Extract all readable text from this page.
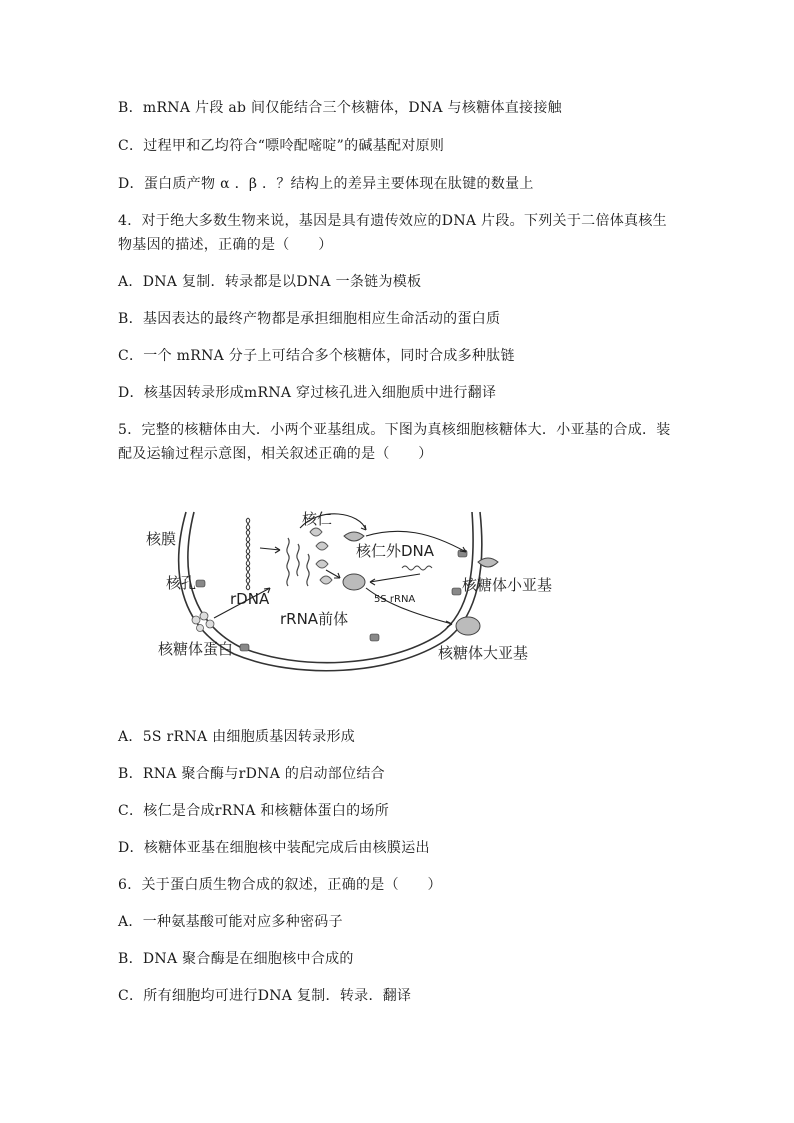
B．mRNA 片段 ab 间仅能结合三个核糖体，DNA 与核糖体直接接触
C．过程甲和乙均符合“嘌呤配嘧啶”的碱基配对原则
D．蛋白质产物 α ．β ．？结构上的差异主要体现在肽键的数量上
4．对于绝大多数生物来说，基因是具有遗传效应的DNA 片段。下列关于二倍体真核生
物基因的描述，正确的是（　　）
A．DNA 复制．转录都是以DNA 一条链为模板
B．基因表达的最终产物都是承担细胞相应生命活动的蛋白质
C．一个 mRNA 分子上可结合多个核糖体，同时合成多种肽链
D．核基因转录形成mRNA 穿过核孔进入细胞质中进行翻译
5．完整的核糖体由大．小两个亚基组成。下图为真核细胞核糖体大．小亚基的合成．装
配及运输过程示意图，相关叙述正确的是（　　）
核膜
核孔
rDNA
核仁
核仁外DNA
5S rRNA
rRNA前体
核糖体小亚基
核糖体大亚基
核糖体蛋白
A．5S rRNA 由细胞质基因转录形成
B．RNA 聚合酶与rDNA 的启动部位结合
C．核仁是合成rRNA 和核糖体蛋白的场所
D．核糖体亚基在细胞核中装配完成后由核膜运出
6．关于蛋白质生物合成的叙述，正确的是（　　）
A．一种氨基酸可能对应多种密码子
B．DNA 聚合酶是在细胞核中合成的
C．所有细胞均可进行DNA 复制．转录．翻译
